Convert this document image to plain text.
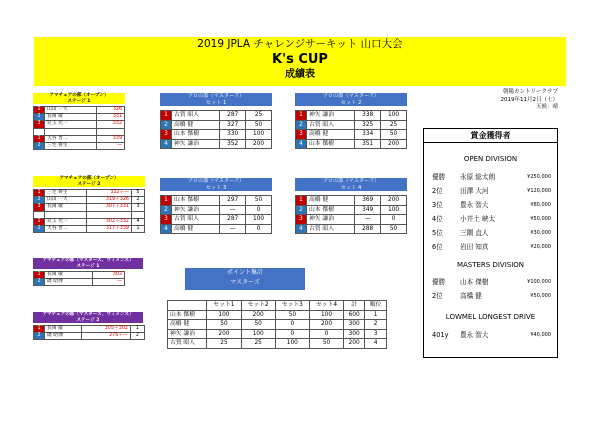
2019 JPLA チャレンジサーキット 山口大会
K's CUP
成績表
朝陽カントリークラブ
2019年11月2日（土）
天候：晴
アマチュアの部（オープン）
ステージ 1
1	山田 一大	326
2	長岡 敏	331
3	兒玉 光一	332

1	大谷 晋二	339
2	三宅 将生	—
アマチュアの部（オープン）
ステージ 2
1	三宅 将生	332＋—	5
2	山田 一大	319＋326	2
3	長岡 敏	307＋331	3

1	兒玉 光一	302＋332	4
2	大谷 晋二	317＋339	1
アマチュアの部（マスターズ、ウィメンズ）
ステージ 1
1	長岡 敏	302
2	礎 昭博	—
アマチュアの部（マスターズ、ウィメンズ）
ステージ 2
1	長岡 敏	305＋302	1
2	礎 昭博	276＋—	2
プロの部（マスターズ）
セット 1
1	古賀 昭人	287	25
2	高橋 健	327	50
3	山本 傑樹	330	100
4	神矢 謙治	352	200
プロの部（マスターズ）
セット 2
1	神矢 謙治	338	100
2	古賀 昭人	325	25
3	高橋 健	334	50
4	山本 傑樹	351	200
プロの部（マスターズ）
セット 3
1	山本 傑樹	297	50
2	神矢 謙治	—	0
3	古賀 昭人	287	100
4	高橋 健	—	0
プロの部（マスターズ）
セット 4
1	高橋 健	369	200
2	山本 傑樹	349	100
3	神矢 謙治	—	0
4	古賀 昭人	288	50
ポイント集計
マスターズ
	セット1	セット2	セット3	セット4	計	順位
山本 傑樹	100	200	50	100	600	1
高橋 健	50	50	0	200	300	2
神矢 謙治	200	100	0	0	300	3
古賀 昭人	25	25	100	50	200	4
賞金獲得者
OPEN DIVISION
優勝 永原 総太朗	¥250,000
2位	田澤 大河	¥120,000
3位	豊永 智大	¥80,000
4位	小井土 峡太	¥50,000
5位	三隅 直人	¥30,000
6位	岩田 知真	¥20,000
MASTERS DIVISION
優勝 山本 傑樹	¥100,000
2位	高橋 健	¥50,000
LOWMEL LONGEST DRIVE
401y 豊永 智大	¥40,000
